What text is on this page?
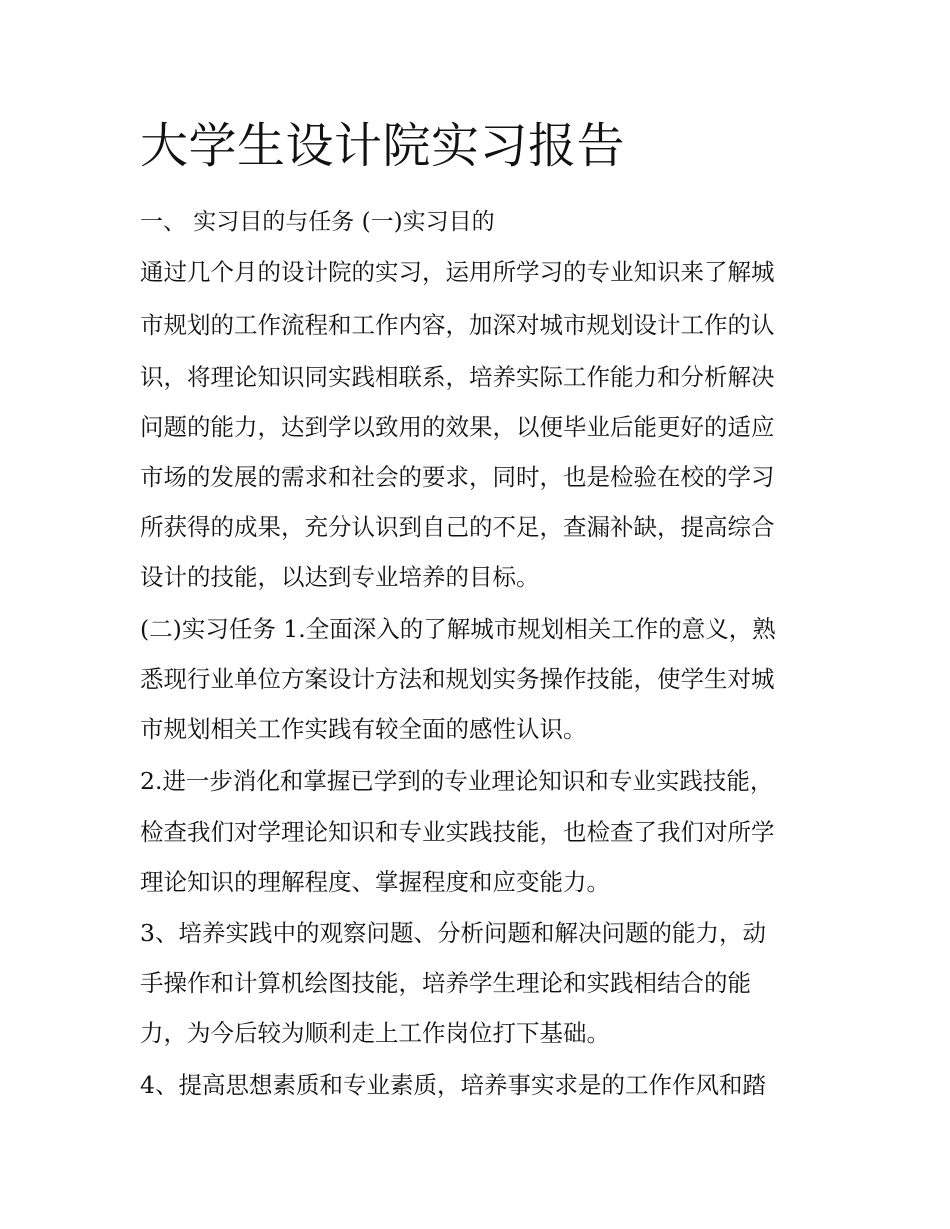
大学生设计院实习报告

一、 实习目的与任务 (一)实习目的

通过几个月的设计院的实习，运用所学习的专业知识来了解城

市规划的工作流程和工作内容，加深对城市规划设计工作的认

识，将理论知识同实践相联系，培养实际工作能力和分析解决

问题的能力，达到学以致用的效果，以便毕业后能更好的适应

市场的发展的需求和社会的要求，同时，也是检验在校的学习

所获得的成果，充分认识到自己的不足，查漏补缺，提高综合

设计的技能，以达到专业培养的目标。

(二)实习任务 1.全面深入的了解城市规划相关工作的意义，熟

悉现行业单位方案设计方法和规划实务操作技能，使学生对城

市规划相关工作实践有较全面的感性认识。

2.进一步消化和掌握已学到的专业理论知识和专业实践技能，

检查我们对学理论知识和专业实践技能，也检查了我们对所学

理论知识的理解程度、掌握程度和应变能力。

3、培养实践中的观察问题、分析问题和解决问题的能力，动

手操作和计算机绘图技能，培养学生理论和实践相结合的能

力，为今后较为顺利走上工作岗位打下基础。

4、提高思想素质和专业素质，培养事实求是的工作作风和踏
